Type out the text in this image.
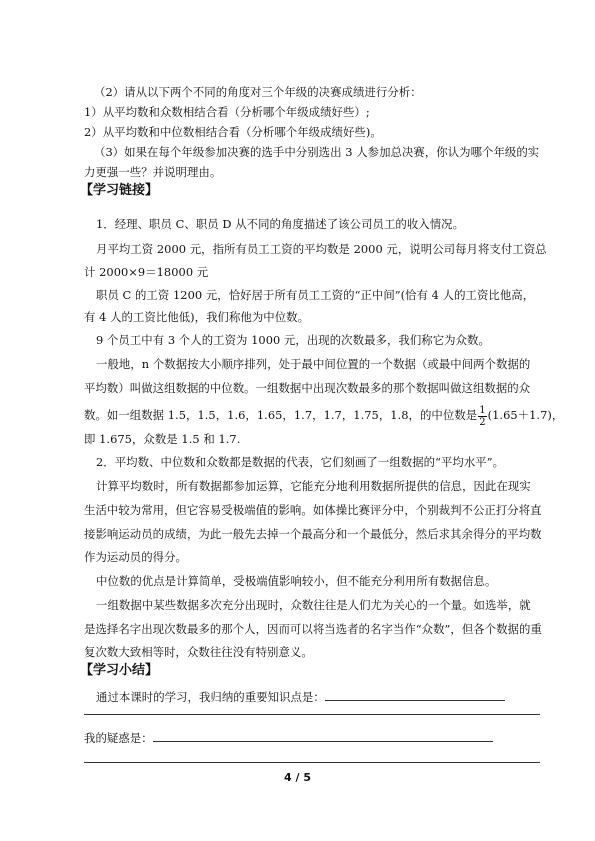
（2）请从以下两个不同的角度对三个年级的决赛成绩进行分析：
1）从平均数和众数相结合看（分析哪个年级成绩好些）;
2）从平均数和中位数相结合看（分析哪个年级成绩好些)。
（3）如果在每个年级参加决赛的选手中分别选出 3 人参加总决赛，你认为哪个年级的实
力更强一些？并说明理由。
【学习链接】
1．经理、职员 C、职员 D 从不同的角度描述了该公司员工的收入情况。
月平均工资 2000 元，指所有员工工资的平均数是 2000 元，说明公司每月将支付工资总
计 2000×9＝18000 元
职员 C 的工资 1200 元，恰好居于所有员工工资的“正中间”(恰有 4 人的工资比他高，
有 4 人的工资比他低)，我们称他为中位数。
9 个员工中有 3 个人的工资为 1000 元，出现的次数最多，我们称它为众数。
一般地，n 个数据按大小顺序排列，处于最中间位置的一个数据（或最中间两个数据的
平均数）叫做这组数据的中位数。一组数据中出现次数最多的那个数据叫做这组数据的众
数。如一组数据 1.5，1.5，1.6，1.65，1.7，1.7，1.75，1.8，的中位数是 $\frac{1}{2} (1.65+1.7)$，
即 1.675，众数是 1.5 和 1.7.
2．平均数、中位数和众数都是数据的代表，它们刻画了一组数据的“平均水平”。
计算平均数时，所有数据都参加运算，它能充分地利用数据所提供的信息，因此在现实
生活中较为常用，但它容易受极端值的影响。如体操比赛评分中，个别裁判不公正打分将直
接影响运动员的成绩，为此一般先去掉一个最高分和一个最低分，然后求其余得分的平均数
作为运动员的得分。
中位数的优点是计算简单，受极端值影响较小，但不能充分利用所有数据信息。
一组数据中某些数据多次充分出现时，众数往往是人们尤为关心的一个量。如选举，就
是选择名字出现次数最多的那个人，因而可以将当选者的名字当作“众数”，但各个数据的重
复次数大致相等时，众数往往没有特别意义。
【学习小结】
通过本课时的学习，我归纳的重要知识点是：
我的疑惑是：
4 / 5
